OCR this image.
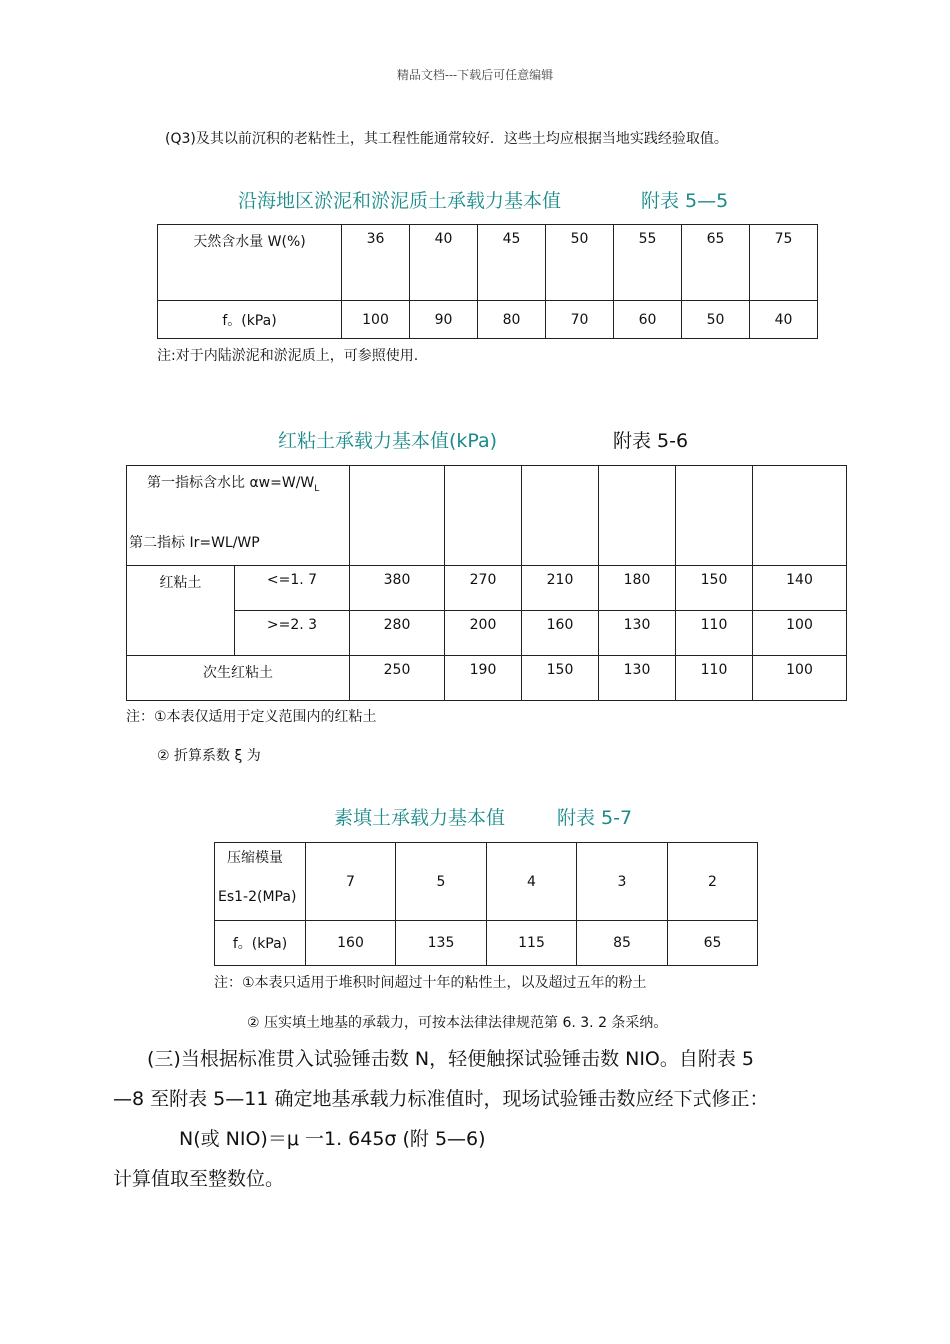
精品文档---下载后可任意编辑
(Q3)及其以前沉积的老粘性土，其工程性能通常较好．这些土均应根据当地实践经验取值。
沿海地区淤泥和淤泥质土承载力基本值	附表 5—5
天然含水量 W(%)	36	40	45	50	55	65	75
f。(kPa)	100	90	80	70	60	50	40
注:对于内陆淤泥和淤泥质上，可参照使用.
红粘土承载力基本值(kPa)	附表 5-6
第一指标含水比 $\alpha w=W/W_L$
第二指标 Ir=WL/WP							

红粘土	<=1. 7	380	270	210	180	150	140
	>=2. 3	280	200	160	130	110	100
次生红粘土		250	190	150	130	110	100
注：①本表仅适用于定义范围内的红粘土
② 折算系数 ξ 为
素填土承载力基本值	附表 5-7
压缩模量
Es1-2(MPa)	7	5	4	3	2
f。(kPa)	160	135	115	85	65
注：①本表只适用于堆积时间超过十年的粘性土，以及超过五年的粉土
② 压实填土地基的承载力，可按本法律法律规范第 6. 3. 2 条采纳。
(三)当根据标准贯入试验锤击数 N，轻便触探试验锤击数 NIO。自附表 5
—8 至附表 5—11 确定地基承载力标准值时，现场试验锤击数应经下式修正：
N(或 NIO)＝μ 一1. 645σ (附 5—6)
计算值取至整数位。
